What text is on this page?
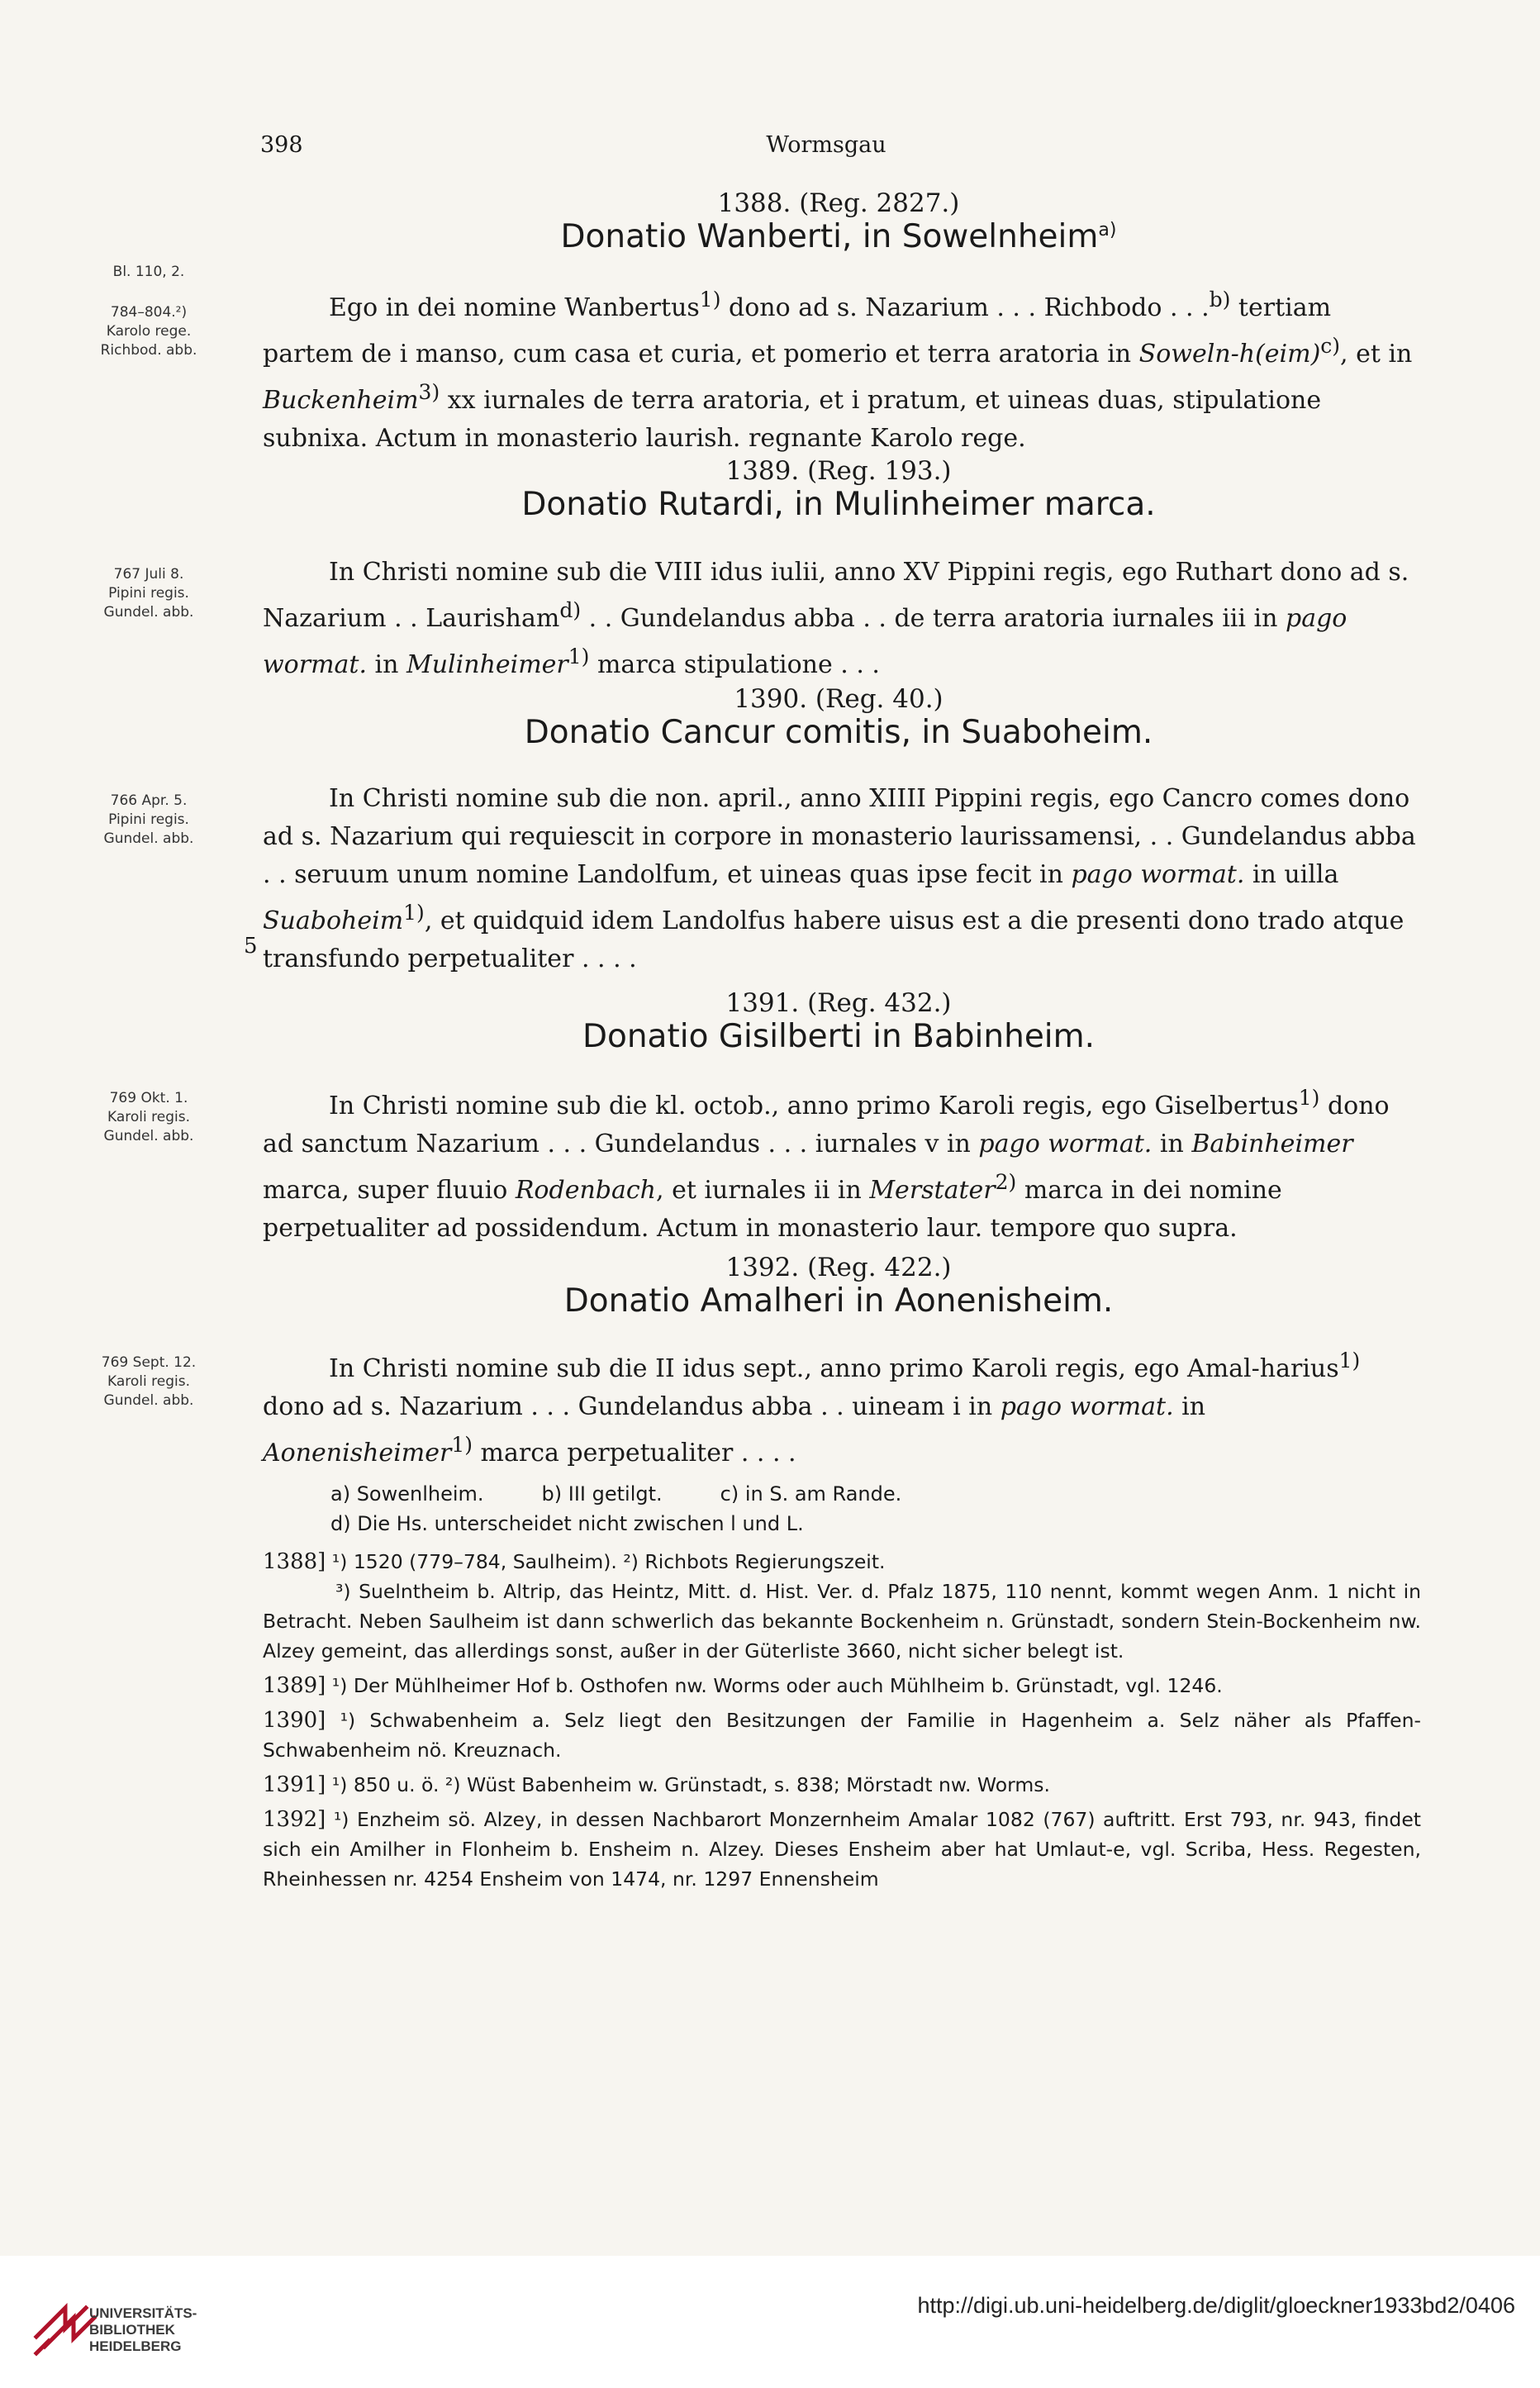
398	Wormsgau
1388. (Reg. 2827.)
Donatio Wanberti, in Sowelnheim$^{a)}$
Bl. 110, 2.
784–804.²)
Karolo rege.
Richbod. abb.

Ego in dei nomine Wanbertus$^{1)}$ dono ad s. Nazarium . . . Richbodo . . .$^{b)}$ tertiam partem de i manso, cum casa et curia, et pomerio et terra aratoria in Soweln-h(eim)$^{c)}$, et in Buckenheim$^{3)}$ xx iurnales de terra aratoria, et i pratum, et uineas duas, stipulatione subnixa. Actum in monasterio laurish. regnante Karolo rege.

1389. (Reg. 193.)
Donatio Rutardi, in Mulinheimer marca.
767 Juli 8.
Pipini regis.
Gundel. abb.

In Christi nomine sub die VIII idus iulii, anno XV Pippini regis, ego Ruthart dono ad s. Nazarium . . Laurisham$^{d)}$ . . Gundelandus abba . . de terra aratoria iurnales iii in pago wormat. in Mulinheimer$^{1)}$ marca stipulatione . . .

1390. (Reg. 40.)
Donatio Cancur comitis, in Suaboheim.
766 Apr. 5.
Pipini regis.
Gundel. abb.
5

In Christi nomine sub die non. april., anno XIIII Pippini regis, ego Cancro comes dono ad s. Nazarium qui requiescit in corpore in monasterio laurissamensi, . . Gundelandus abba . . seruum unum nomine Landolfum, et uineas quas ipse fecit in pago wormat. in uilla Suaboheim$^{1)}$, et quidquid idem Landolfus habere uisus est a die presenti dono trado atque transfundo perpetualiter . . . .

1391. (Reg. 432.)
Donatio Gisilberti in Babinheim.
769 Okt. 1.
Karoli regis.
Gundel. abb.

In Christi nomine sub die kl. octob., anno primo Karoli regis, ego Giselbertus$^{1)}$ dono ad sanctum Nazarium . . . Gundelandus . . . iurnales v in pago wormat. in Babinheimer marca, super fluuio Rodenbach, et iurnales ii in Merstater$^{2)}$ marca in dei nomine perpetualiter ad possidendum. Actum in monasterio laur. tempore quo supra.

1392. (Reg. 422.)
Donatio Amalheri in Aonenisheim.
769 Sept. 12.
Karoli regis.
Gundel. abb.

In Christi nomine sub die II idus sept., anno primo Karoli regis, ego Amal-harius$^{1)}$ dono ad s. Nazarium . . . Gundelandus abba . . uineam i in pago wormat. in Aonenisheimer$^{1)}$ marca perpetualiter . . . .

a) Sowenlheim.	b) III getilgt.	c) in S. am Rande.
d) Die Hs. unterscheidet nicht zwischen l und L.
1388] ¹) 1520 (779–784, Saulheim). ²) Richbots Regierungszeit.
³) Suelntheim b. Altrip, das Heintz, Mitt. d. Hist. Ver. d. Pfalz 1875, 110 nennt, kommt wegen Anm. 1 nicht in Betracht. Neben Saulheim ist dann schwerlich das bekannte Bockenheim n. Grünstadt, sondern Stein-Bockenheim nw. Alzey gemeint, das allerdings sonst, außer in der Güterliste 3660, nicht sicher belegt ist.
1389] ¹) Der Mühlheimer Hof b. Osthofen nw. Worms oder auch Mühlheim b. Grünstadt, vgl. 1246.
1390] ¹) Schwabenheim a. Selz liegt den Besitzungen der Familie in Hagenheim a. Selz näher als Pfaffen-Schwabenheim nö. Kreuznach.
1391] ¹) 850 u. ö. ²) Wüst Babenheim w. Grünstadt, s. 838; Mörstadt nw. Worms.
1392] ¹) Enzheim sö. Alzey, in dessen Nachbarort Monzernheim Amalar 1082 (767) auftritt. Erst 793, nr. 943, findet sich ein Amilher in Flonheim b. Ensheim n. Alzey. Dieses Ensheim aber hat Umlaut-e, vgl. Scriba, Hess. Regesten, Rheinhessen nr. 4254 Ensheim von 1474, nr. 1297 Ennensheim
UNIVERSITÄTS-
BIBLIOTHEK
HEIDELBERG
http://digi.ub.uni-heidelberg.de/diglit/gloeckner1933bd2/0406
